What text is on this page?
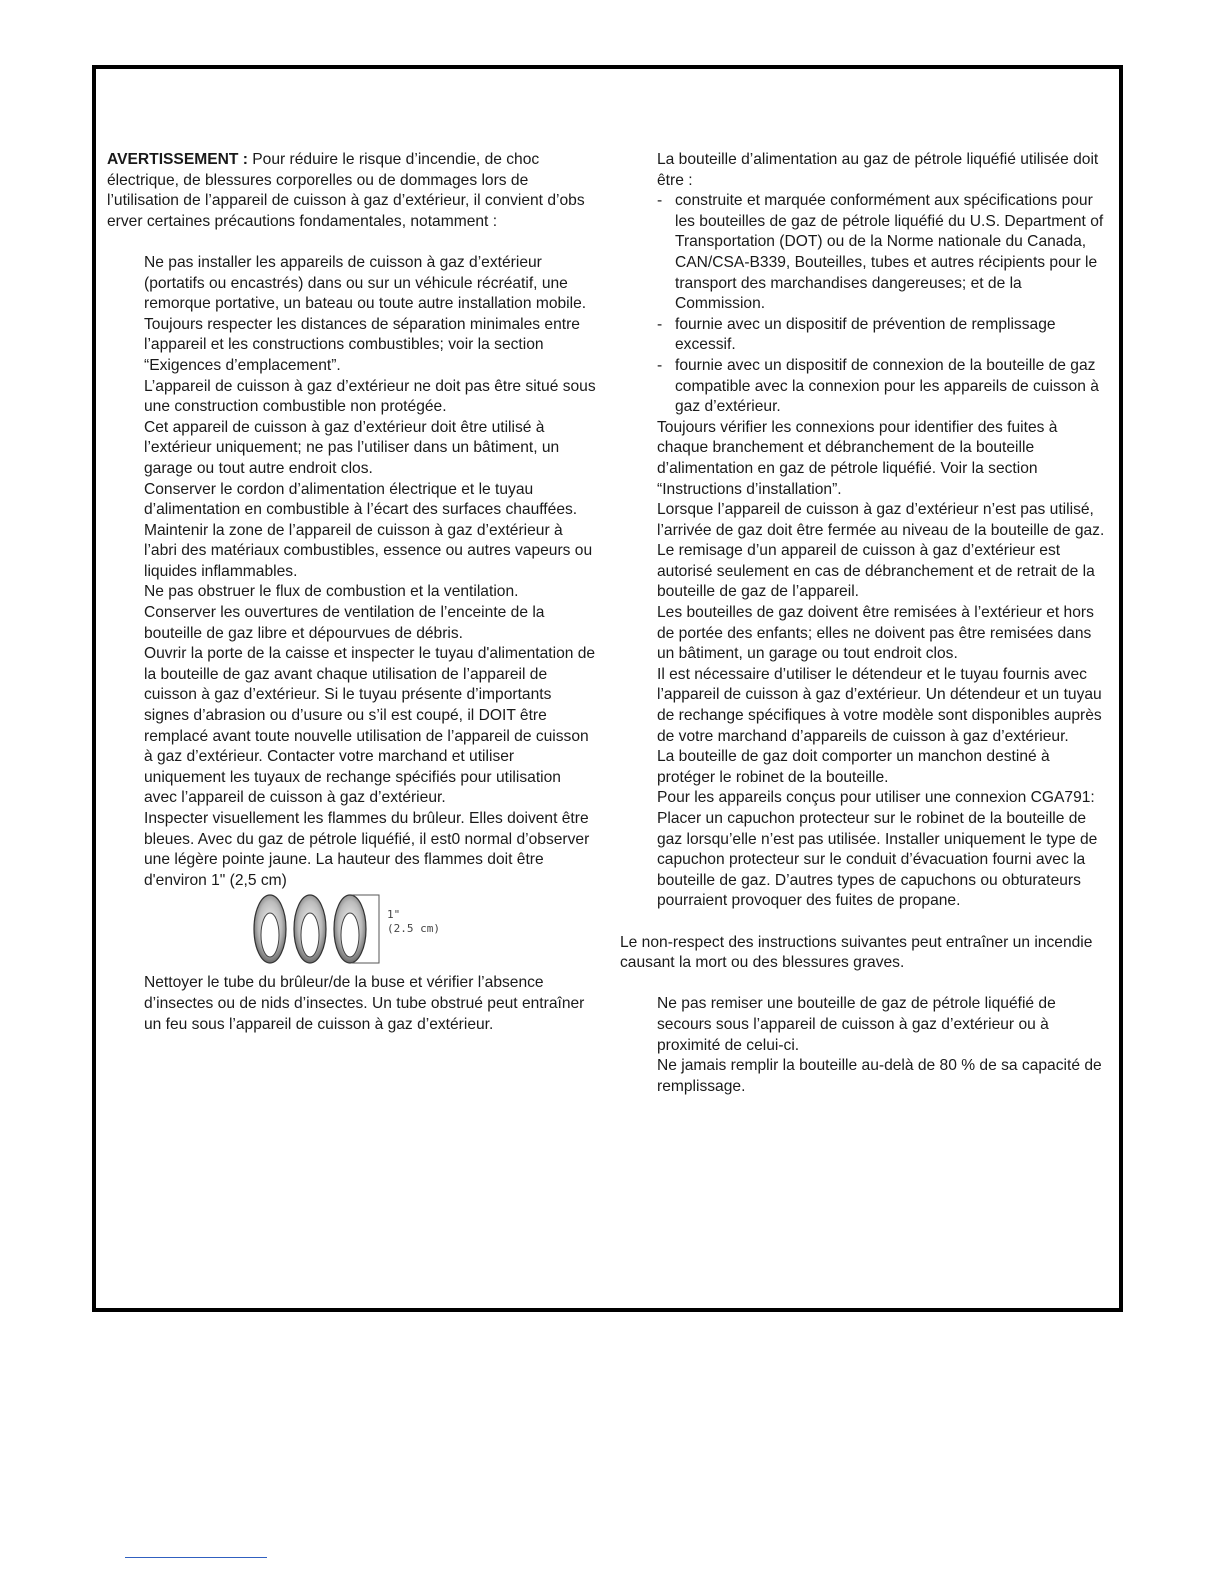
AVERTISSEMENT : Pour réduire le risque d’incendie, de choc électrique, de blessures corporelles ou de dommages lors de l’utilisation de l’appareil de cuisson à gaz d’extérieur, il convient d’obs erver certaines précautions fondamentales, notamment :

Ne pas installer les appareils de cuisson à gaz d’extérieur (portatifs ou encastrés) dans ou sur un véhicule récréatif, une remorque portative, un bateau ou toute autre installation mobile.

Toujours respecter les distances de séparation minimales entre l’appareil et les constructions combustibles; voir la section “Exigences d’emplacement”.

L’appareil de cuisson à gaz d’extérieur ne doit pas être situé sous une construction combustible non protégée.

Cet appareil de cuisson à gaz d’extérieur doit être utilisé à l’extérieur uniquement; ne pas l’utiliser dans un bâtiment, un garage ou tout autre endroit clos.

Conserver le cordon d’alimentation électrique et le tuyau d’alimentation en combustible à l’écart des surfaces chauffées.

Maintenir la zone de l’appareil de cuisson à gaz d’extérieur à l’abri des matériaux combustibles, essence ou autres vapeurs ou liquides inflammables.

Ne pas obstruer le flux de combustion et la ventilation.

Conserver les ouvertures de ventilation de l’enceinte de la bouteille de gaz libre et dépourvues de débris.

Ouvrir la porte de la caisse et inspecter le tuyau d'alimentation de la bouteille de gaz avant chaque utilisation de l’appareil de cuisson à gaz d’extérieur. Si le tuyau présente d’importants signes d’abrasion ou d’usure ou s’il est coupé, il DOIT être remplacé avant toute nouvelle utilisation de l’appareil de cuisson à gaz d’extérieur. Contacter votre marchand et utiliser uniquement les tuyaux de rechange spécifiés pour utilisation avec l’appareil de cuisson à gaz d’extérieur.

Inspecter visuellement les flammes du brûleur. Elles doivent être bleues. Avec du gaz de pétrole liquéfié, il est0 normal d’observer une légère pointe jaune. La hauteur des flammes doit être d'environ 1" (2,5 cm)

1"
(2.5 cm)

Nettoyer le tube du brûleur/de la buse et vérifier l’absence d’insectes ou de nids d’insectes. Un tube obstrué peut entraîner un feu sous l’appareil de cuisson à gaz d’extérieur.

La bouteille d’alimentation au gaz de pétrole liquéfié utilisée doit être :

- construite et marquée conformément aux spécifications pour les bouteilles de gaz de pétrole liquéfié du U.S. Department of Transportation (DOT) ou de la Norme nationale du Canada, CAN/CSA-B339, Bouteilles, tubes et autres récipients pour le transport des marchandises dangereuses; et de la Commission.
- fournie avec un dispositif de prévention de remplissage excessif.
- fournie avec un dispositif de connexion de la bouteille de gaz compatible avec la connexion pour les appareils de cuisson à gaz d’extérieur.

Toujours vérifier les connexions pour identifier des fuites à chaque branchement et débranchement de la bouteille d’alimentation en gaz de pétrole liquéfié. Voir la section “Instructions d’installation”.

Lorsque l’appareil de cuisson à gaz d’extérieur n’est pas utilisé, l’arrivée de gaz doit être fermée au niveau de la bouteille de gaz.

Le remisage d’un appareil de cuisson à gaz d’extérieur est autorisé seulement en cas de débranchement et de retrait de la bouteille de gaz de l’appareil.

Les bouteilles de gaz doivent être remisées à l’extérieur et hors de portée des enfants; elles ne doivent pas être remisées dans un bâtiment, un garage ou tout endroit clos.

Il est nécessaire d’utiliser le détendeur et le tuyau fournis avec l’appareil de cuisson à gaz d’extérieur. Un détendeur et un tuyau de rechange spécifiques à votre modèle sont disponibles auprès de votre marchand d’appareils de cuisson à gaz d’extérieur.

La bouteille de gaz doit comporter un manchon destiné à protéger le robinet de la bouteille.

Pour les appareils conçus pour utiliser une connexion CGA791: Placer un capuchon protecteur sur le robinet de la bouteille de gaz lorsqu’elle n’est pas utilisée. Installer uniquement le type de capuchon protecteur sur le conduit d’évacuation fourni avec la bouteille de gaz. D’autres types de capuchons ou obturateurs pourraient provoquer des fuites de propane.

Le non-respect des instructions suivantes peut entraîner un incendie causant la mort ou des blessures graves.

Ne pas remiser une bouteille de gaz de pétrole liquéfié de secours sous l’appareil de cuisson à gaz d’extérieur ou à proximité de celui-ci.

Ne jamais remplir la bouteille au-delà de 80 % de sa capacité de remplissage.
